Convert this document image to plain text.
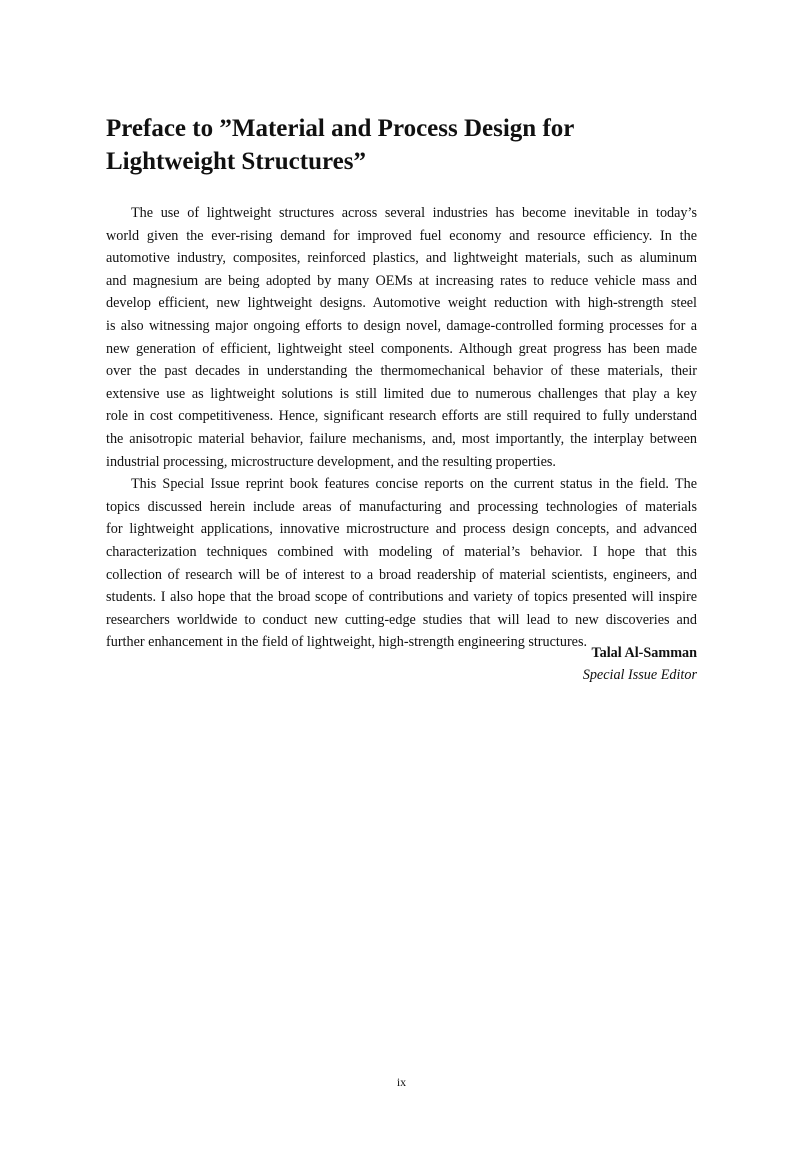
Preface to ”Material and Process Design for
Lightweight Structures”
The use of lightweight structures across several industries has become inevitable in today’s
world given the ever-rising demand for improved fuel economy and resource efficiency. In the
automotive industry, composites, reinforced plastics, and lightweight materials, such as aluminum
and magnesium are being adopted by many OEMs at increasing rates to reduce vehicle mass and
develop efficient, new lightweight designs. Automotive weight reduction with high-strength steel
is also witnessing major ongoing efforts to design novel, damage-controlled forming processes for a
new generation of efficient, lightweight steel components. Although great progress has been made
over the past decades in understanding the thermomechanical behavior of these materials, their
extensive use as lightweight solutions is still limited due to numerous challenges that play a key
role in cost competitiveness. Hence, significant research efforts are still required to fully understand
the anisotropic material behavior, failure mechanisms, and, most importantly, the interplay between
industrial processing, microstructure development, and the resulting properties.
This Special Issue reprint book features concise reports on the current status in the field. The
topics discussed herein include areas of manufacturing and processing technologies of materials
for lightweight applications, innovative microstructure and process design concepts, and advanced
characterization techniques combined with modeling of material’s behavior. I hope that this
collection of research will be of interest to a broad readership of material scientists, engineers, and
students. I also hope that the broad scope of contributions and variety of topics presented will inspire
researchers worldwide to conduct new cutting-edge studies that will lead to new discoveries and
further enhancement in the field of lightweight, high-strength engineering structures.
Talal Al-Samman
Special Issue Editor
ix
